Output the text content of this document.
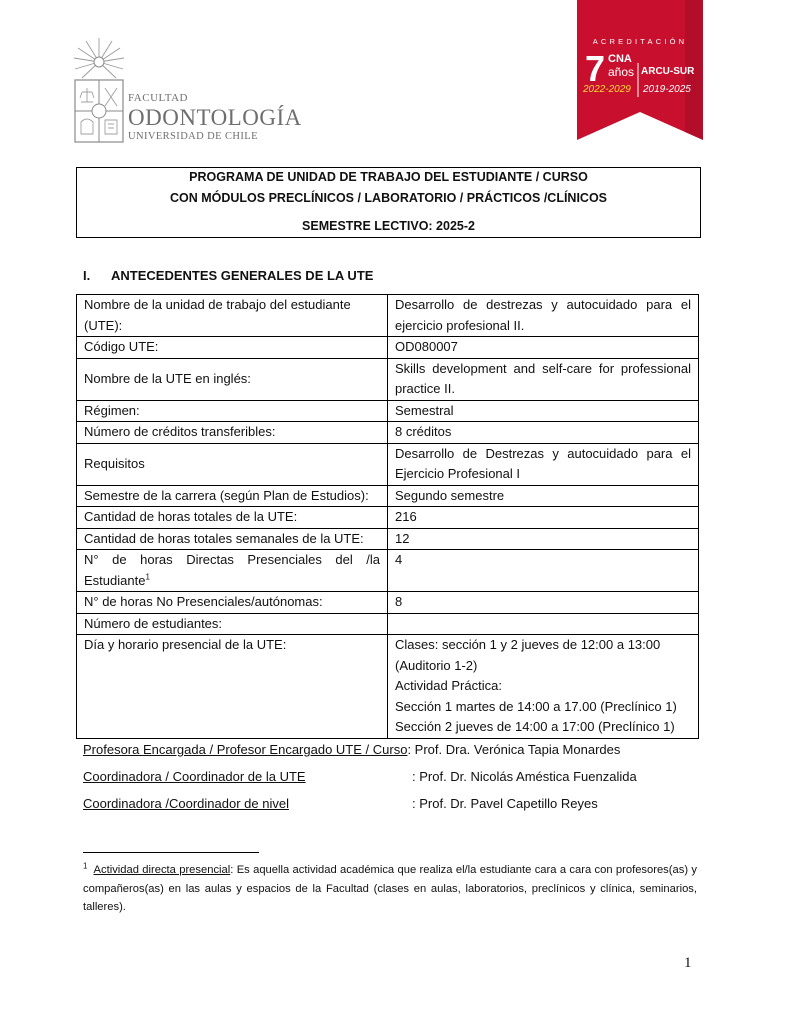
FACULTAD
ODONTOLOGÍA
UNIVERSIDAD DE CHILE
ACREDITACIÓN
7 CNA
años
2022-2029
ARCU-SUR
2019-2025
PROGRAMA DE UNIDAD DE TRABAJO DEL ESTUDIANTE / CURSO
CON MÓDULOS PRECLÍNICOS / LABORATORIO / PRÁCTICOS /CLÍNICOS
SEMESTRE LECTIVO: 2025-2
I. ANTECEDENTES GENERALES DE LA UTE
Nombre de la unidad de trabajo del estudiante (UTE):	Desarrollo de destrezas y autocuidado para el ejercicio profesional II.
Código UTE:	OD080007
Nombre de la UTE en inglés:	Skills development and self-care for professional practice II.
Régimen:	Semestral
Número de créditos transferibles:	8 créditos
Requisitos	Desarrollo de Destrezas y autocuidado para el Ejercicio Profesional I
Semestre de la carrera (según Plan de Estudios):	Segundo semestre
Cantidad de horas totales de la UTE:	216
Cantidad de horas totales semanales de la UTE:	12
N° de horas Directas Presenciales del /la Estudiante$^1$	4
N° de horas No Presenciales/autónomas:	8
Número de estudiantes:	
Día y horario presencial de la UTE:	Clases: sección 1 y 2 jueves de 12:00 a 13:00
(Auditorio 1-2)
Actividad Práctica:
Sección 1 martes de 14:00 a 17.00 (Preclínico 1)
Sección 2 jueves de 14:00 a 17:00 (Preclínico 1)
Profesora Encargada / Profesor Encargado UTE / Curso: Prof. Dra. Verónica Tapia Monardes
Coordinadora / Coordinador de la UTE	: Prof. Dr. Nicolás Améstica Fuenzalida
Coordinadora /Coordinador de nivel	: Prof. Dr. Pavel Capetillo Reyes
$^1$ Actividad directa presencial: Es aquella actividad académica que realiza el/la estudiante cara a cara con profesores(as) y compañeros(as) en las aulas y espacios de la Facultad (clases en aulas, laboratorios, preclínicos y clínica, seminarios, talleres).
1
